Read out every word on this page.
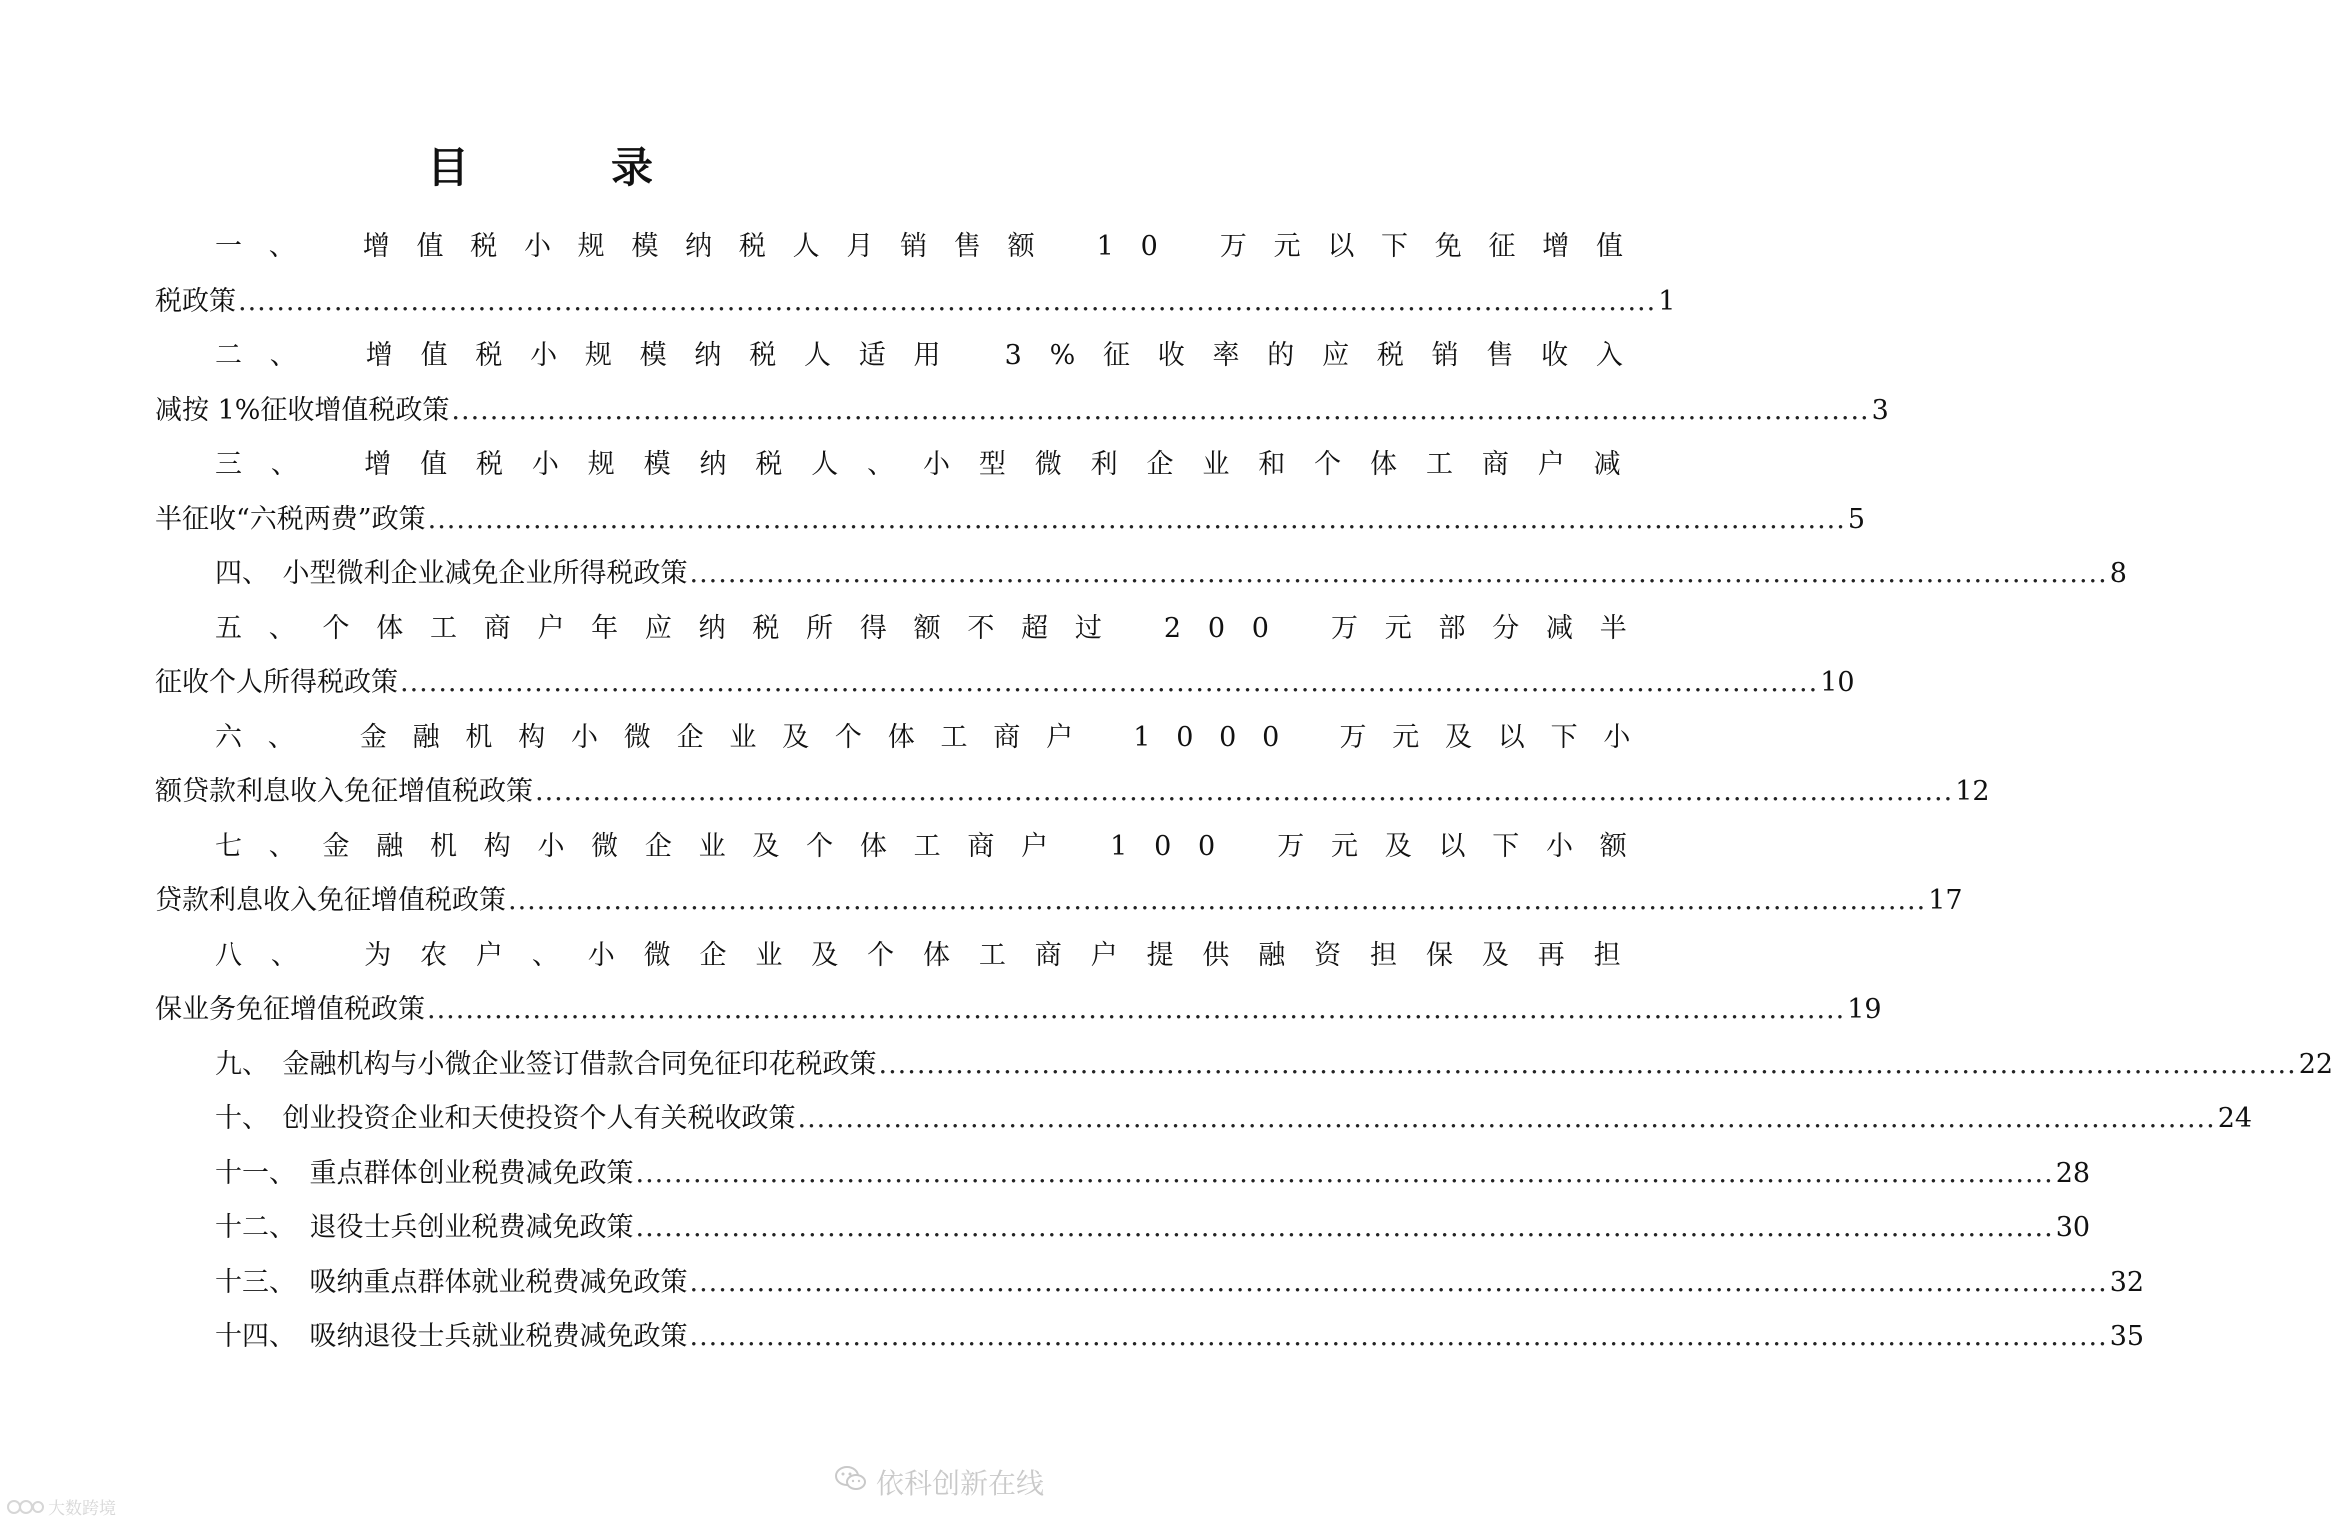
目　录
一、　增值税小规模纳税人月销售额 10 万元以下免征增值
税政策 .................................................................................................................................................... 1
二、　增值税小规模纳税人适用 3%征收率的应税销售收入
减按 1%征收增值税政策 .................................................................................................................................................... 3
三、 增值税小规模纳税人、小型微利企业和个体工商户减
半征收“六税两费”政策 .................................................................................................................................................... 5
四、　小型微利企业减免企业所得税政策 .................................................................................................................................................... 8
五、个体工商户年应纳税所得额不超过 200 万元部分减半
征收个人所得税政策 .................................................................................................................................................... 10
六、　金融机构小微企业及个体工商户 1000 万元及以下小
额贷款利息收入免征增值税政策 .................................................................................................................................................... 12
七、金融机构小微企业及个体工商户 100 万元及以下小额
贷款利息收入免征增值税政策 .................................................................................................................................................... 17
八、 为农户、小微企业及个体工商户提供融资担保及再担
保业务免征增值税政策 .................................................................................................................................................... 19
九、　金融机构与小微企业签订借款合同免征印花税政策 .................................................................................................................................................... 22
十、　创业投资企业和天使投资个人有关税收政策 .................................................................................................................................................... 24
十一、　重点群体创业税费减免政策 .................................................................................................................................................... 28
十二、　退役士兵创业税费减免政策 .................................................................................................................................................... 30
十三、　吸纳重点群体就业税费减免政策 .................................................................................................................................................... 32
十四、　吸纳退役士兵就业税费减免政策 .................................................................................................................................................... 35
大数跨境
依科创新在线
